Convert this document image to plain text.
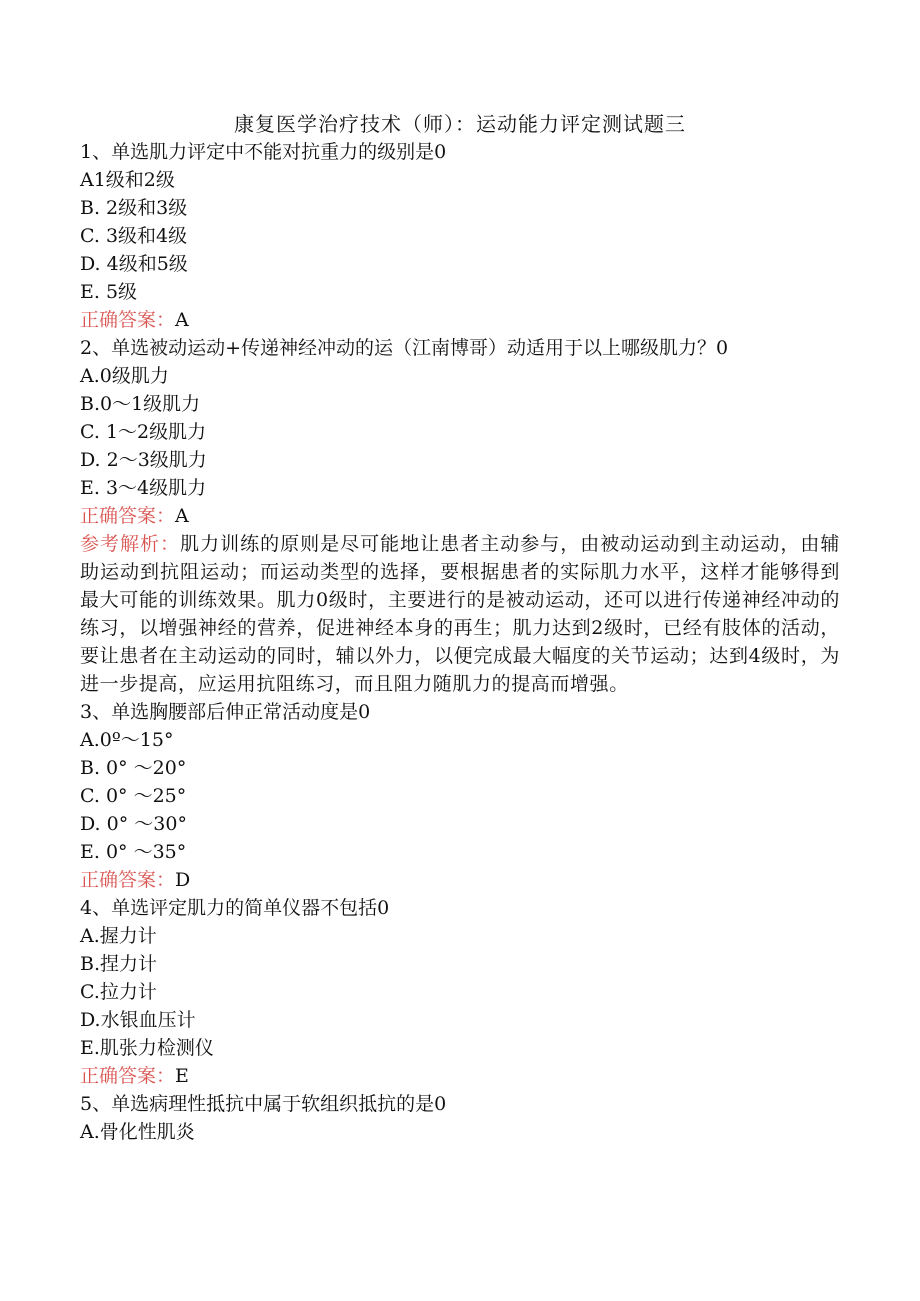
康复医学治疗技术（师）：运动能力评定测试题三
1、单选肌力评定中不能对抗重力的级别是0
A1级和2级
B. 2级和3级
C. 3级和4级
D. 4级和5级
E. 5级
正确答案：A
2、单选被动运动+传递神经冲动的运（江南博哥）动适用于以上哪级肌力？0
A.0级肌力
B.0～1级肌力
C. 1～2级肌力
D. 2～3级肌力
E. 3～4级肌力
正确答案：A
参考解析：肌力训练的原则是尽可能地让患者主动参与，由被动运动到主动运动，由辅助运动到抗阻运动；而运动类型的选择，要根据患者的实际肌力水平，这样才能够得到最大可能的训练效果。肌力0级时，主要进行的是被动运动，还可以进行传递神经冲动的练习，以增强神经的营养，促进神经本身的再生；肌力达到2级时，已经有肢体的活动，要让患者在主动运动的同时，辅以外力，以便完成最大幅度的关节运动；达到4级时，为进一步提高，应运用抗阻练习，而且阻力随肌力的提高而增强。
3、单选胸腰部后伸正常活动度是0
A.0º～15°
B. 0° ～20°
C. 0° ～25°
D. 0° ～30°
E. 0° ～35°
正确答案：D
4、单选评定肌力的简单仪器不包括0
A.握力计
B.捏力计
C.拉力计
D.水银血压计
E.肌张力检测仪
正确答案：E
5、单选病理性抵抗中属于软组织抵抗的是0
A.骨化性肌炎
